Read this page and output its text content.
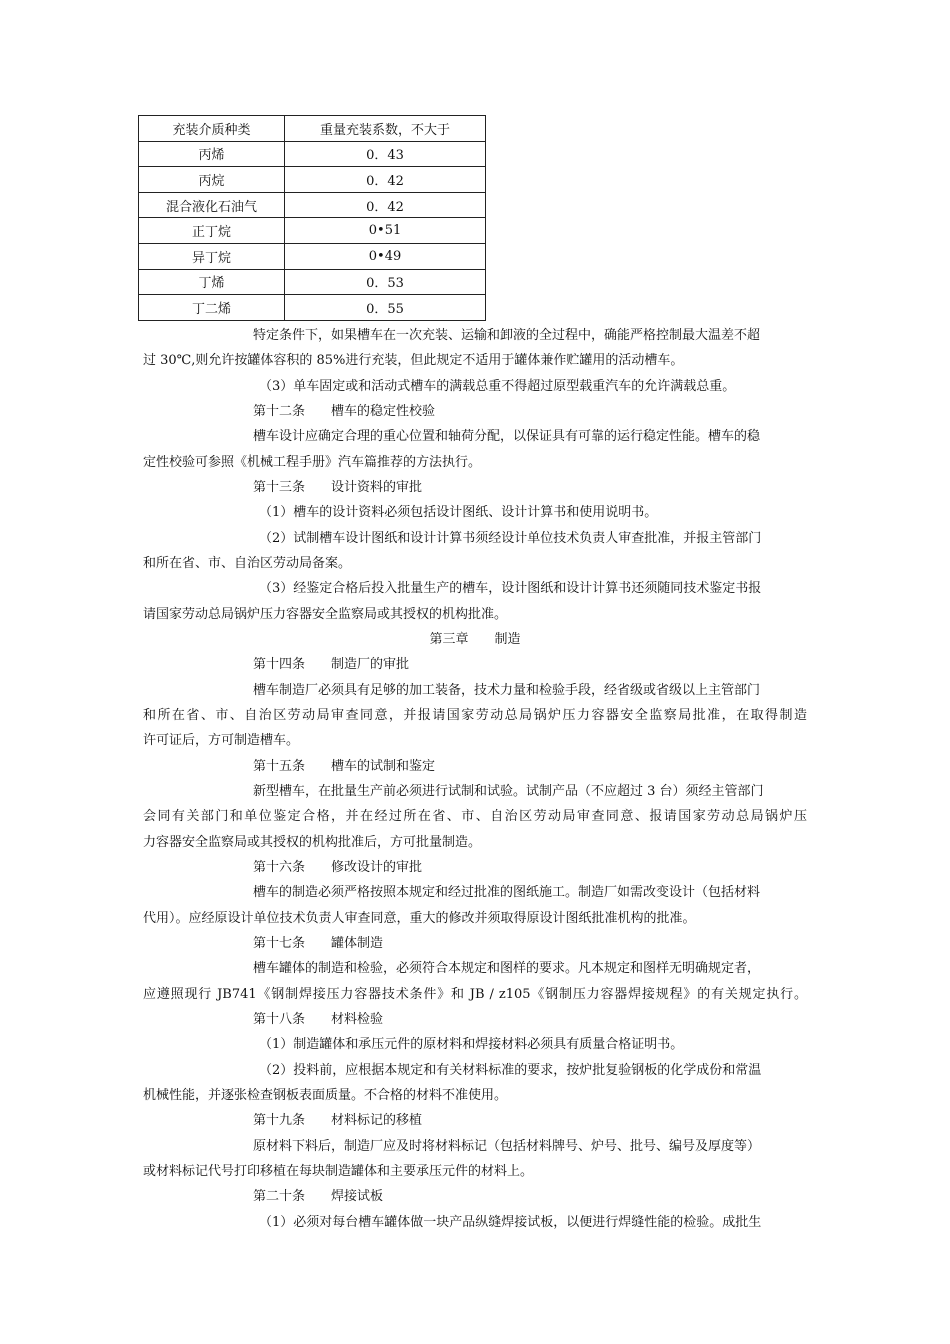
充装介质种类	重量充装系数，不大于
丙烯	0．43
丙烷	0．42
混合液化石油气	0．42
正丁烷	0•51
异丁烷	0•49
丁烯	0．53
丁二烯	0．55
特定条件下，如果槽车在一次充装、运输和卸液的全过程中，确能严格控制最大温差不超
过 30℃,则允许按罐体容积的 85%进行充装，但此规定不适用于罐体兼作贮罐用的活动槽车。
（3）单车固定或和活动式槽车的满载总重不得超过原型载重汽车的允许满载总重。
第十二条 槽车的稳定性校验
槽车设计应确定合理的重心位置和轴荷分配，以保证具有可靠的运行稳定性能。槽车的稳
定性校验可参照《机械工程手册》汽车篇推荐的方法执行。
第十三条 设计资料的审批
（1）槽车的设计资料必须包括设计图纸、设计计算书和使用说明书。
（2）试制槽车设计图纸和设计计算书须经设计单位技术负责人审查批准，并报主管部门
和所在省、市、自治区劳动局备案。
（3）经鉴定合格后投入批量生产的槽车，设计图纸和设计计算书还须随同技术鉴定书报
请国家劳动总局锅炉压力容器安全监察局或其授权的机构批准。
第三章 制造
第十四条 制造厂的审批
槽车制造厂必须具有足够的加工装备，技术力量和检验手段，经省级或省级以上主管部门
和所在省、市、自治区劳动局审查同意，并报请国家劳动总局锅炉压力容器安全监察局批准，在取得制造
许可证后，方可制造槽车。
第十五条 槽车的试制和鉴定
新型槽车，在批量生产前必须进行试制和试验。试制产品（不应超过 3 台）须经主管部门
会同有关部门和单位鉴定合格，并在经过所在省、市、自治区劳动局审查同意、报请国家劳动总局锅炉压
力容器安全监察局或其授权的机构批准后，方可批量制造。
第十六条 修改设计的审批
槽车的制造必须严格按照本规定和经过批准的图纸施工。制造厂如需改变设计（包括材料
代用）。应经原设计单位技术负责人审查同意，重大的修改并须取得原设计图纸批准机构的批准。
第十七条 罐体制造
槽车罐体的制造和检验，必须符合本规定和图样的要求。凡本规定和图样无明确规定者，
应遵照现行 JB741《钢制焊接压力容器技术条件》和 JB / z105《钢制压力容器焊接规程》的有关规定执行。
第十八条 材料检验
（1）制造罐体和承压元件的原材料和焊接材料必须具有质量合格证明书。
（2）投料前，应根据本规定和有关材料标准的要求，按炉批复验钢板的化学成份和常温
机械性能，并逐张检查钢板表面质量。不合格的材料不准使用。
第十九条 材料标记的移植
原材料下料后，制造厂应及时将材料标记（包括材料牌号、炉号、批号、编号及厚度等）
或材料标记代号打印移植在每块制造罐体和主要承压元件的材料上。
第二十条 焊接试板
（1）必须对每台槽车罐体做一块产品纵缝焊接试板，以便进行焊缝性能的检验。成批生
